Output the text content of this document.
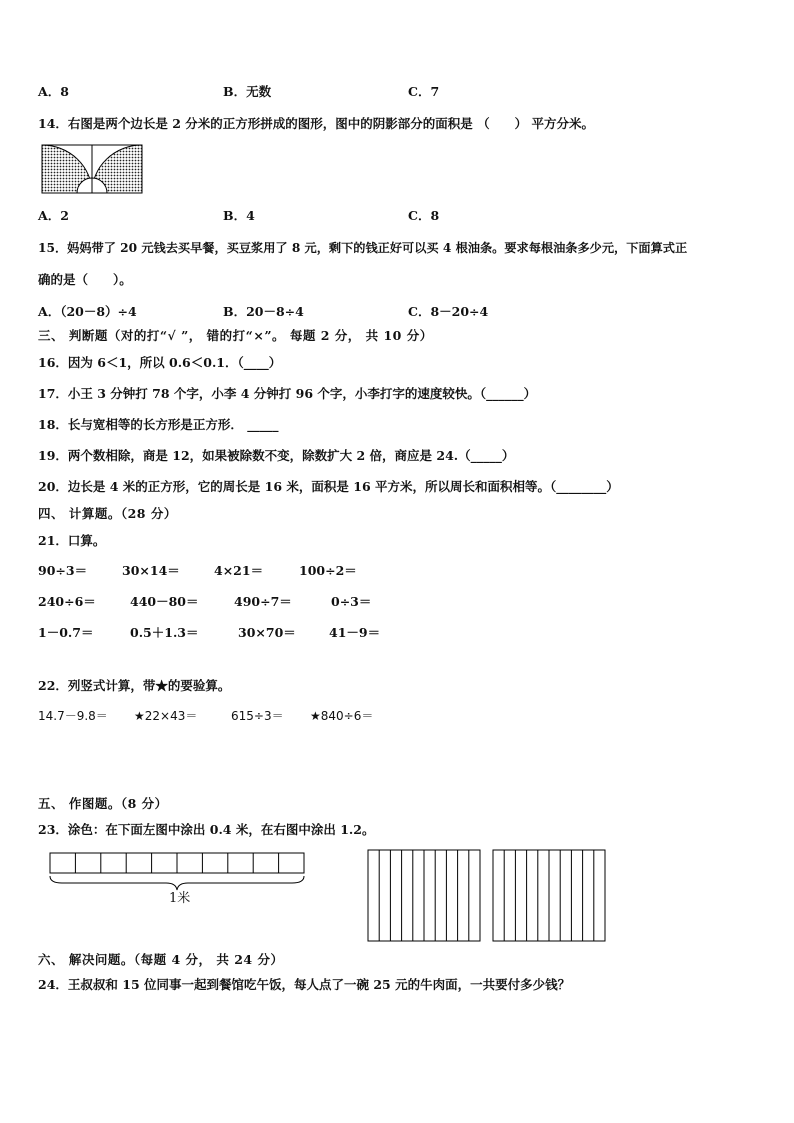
A．8	B．无数	C．7
14．右图是两个边长是 2 分米的正方形拼成的图形，图中的阴影部分的面积是 （　　） 平方分米。
A．2	B．4	C．8
15．妈妈带了 20 元钱去买早餐，买豆浆用了 8 元，剩下的钱正好可以买 4 根油条。要求每根油条多少元，下面算式正
确的是（　　）。
A．（20－8）÷4	B．20－8÷4	C．8－20÷4
三、 判断题（对的打“√ ”， 错的打“×”。 每题 2 分， 共 10 分）
16．因为 6＜1，所以 0.6＜0.1．（____）
17．小王 3 分钟打 78 个字，小李 4 分钟打 96 个字，小李打字的速度较快。（______）
18．长与宽相等的长方形是正方形． _____
19．两个数相除，商是 12，如果被除数不变，除数扩大 2 倍，商应是 24.（_____）
20．边长是 4 米的正方形，它的周长是 16 米，面积是 16 平方米，所以周长和面积相等。（________）
四、 计算题。（28 分）
21．口算。
90÷3＝	30×14＝	4×21＝	100÷2＝
240÷6＝	440－80＝	490÷7＝	0÷3＝
1－0.7＝	0.5＋1.3＝	30×70＝	41－9＝
22．列竖式计算，带★的要验算。
14.7－9.8＝ ★22×43＝	615÷3＝ ★840÷6＝
五、 作图题。（8 分）
23．涂色：在下面左图中涂出 0.4 米，在右图中涂出 1.2。
1米
六、 解决问题。（每题 4 分， 共 24 分）
24．王叔叔和 15 位同事一起到餐馆吃午饭，每人点了一碗 25 元的牛肉面，一共要付多少钱？
